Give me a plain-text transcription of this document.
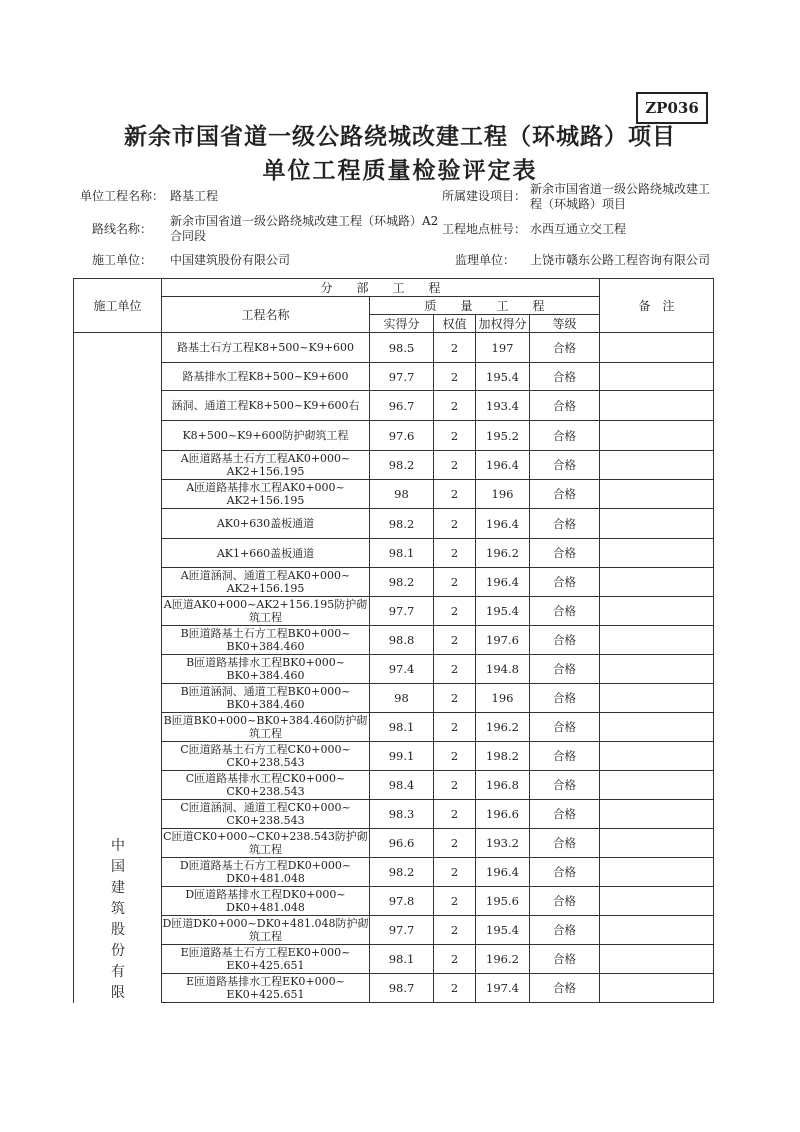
ZP036
新余市国省道一级公路绕城改建工程（环城路）项目
单位工程质量检验评定表
单位工程名称： 路基工程	所属建设项目： 新余市国省道一级公路绕城改建工
程（环城路）项目
路线名称：
新余市国省道一级公路绕城改建工程（环城路）A2
合同段	工程地点桩号： 水西互通立交工程
施工单位： 中国建筑股份有限公司	监理单位： 上饶市赣东公路工程咨询有限公司
施工单位	分　　部　　工　　程					备　注
	工程名称	质　　量　　工　　程				
		实得分	权值	加权得分	等级	

	路基土石方工程K8+500~K9+600	98.5	2	197	合格	

	路基排水工程K8+500~K9+600	97.7	2	195.4	合格	

	涵洞、通道工程K8+500~K9+600右	96.7	2	193.4	合格	

	K8+500~K9+600防护砌筑工程	97.6	2	195.2	合格	

	A匝道路基土石方工程AK0+000~
AK2+156.195	98.2	2	196.4	合格	

	A匝道路基排水工程AK0+000~
AK2+156.195	98	2	196	合格	

	AK0+630盖板通道	98.2	2	196.4	合格	

	AK1+660盖板通道	98.1	2	196.2	合格	

	A匝道涵洞、通道工程AK0+000~
AK2+156.195	98.2	2	196.4	合格	

	A匝道AK0+000~AK2+156.195防护砌
筑工程	97.7	2	195.4	合格	

	B匝道路基土石方工程BK0+000~
BK0+384.460	98.8	2	197.6	合格	

	B匝道路基排水工程BK0+000~
BK0+384.460	97.4	2	194.8	合格	

	B匝道涵洞、通道工程BK0+000~
BK0+384.460	98	2	196	合格	

	B匝道BK0+000~BK0+384.460防护砌
筑工程	98.1	2	196.2	合格	

	C匝道路基土石方工程CK0+000~
CK0+238.543	99.1	2	198.2	合格	

	C匝道路基排水工程CK0+000~
CK0+238.543	98.4	2	196.8	合格	

	C匝道涵洞、通道工程CK0+000~
CK0+238.543	98.3	2	196.6	合格	

	C匝道CK0+000~CK0+238.543防护砌
筑工程	96.6	2	193.2	合格	

	D匝道路基土石方工程DK0+000~
DK0+481.048	98.2	2	196.4	合格	

	D匝道路基排水工程DK0+000~
DK0+481.048	97.8	2	195.6	合格	

	D匝道DK0+000~DK0+481.048防护砌
筑工程	97.7	2	195.4	合格	

	E匝道路基土石方工程EK0+000~
EK0+425.651	98.1	2	196.2	合格	

	E匝道路基排水工程EK0+000~
EK0+425.651	98.7	2	197.4	合格	
中
国
建
筑
股
份
有
限
